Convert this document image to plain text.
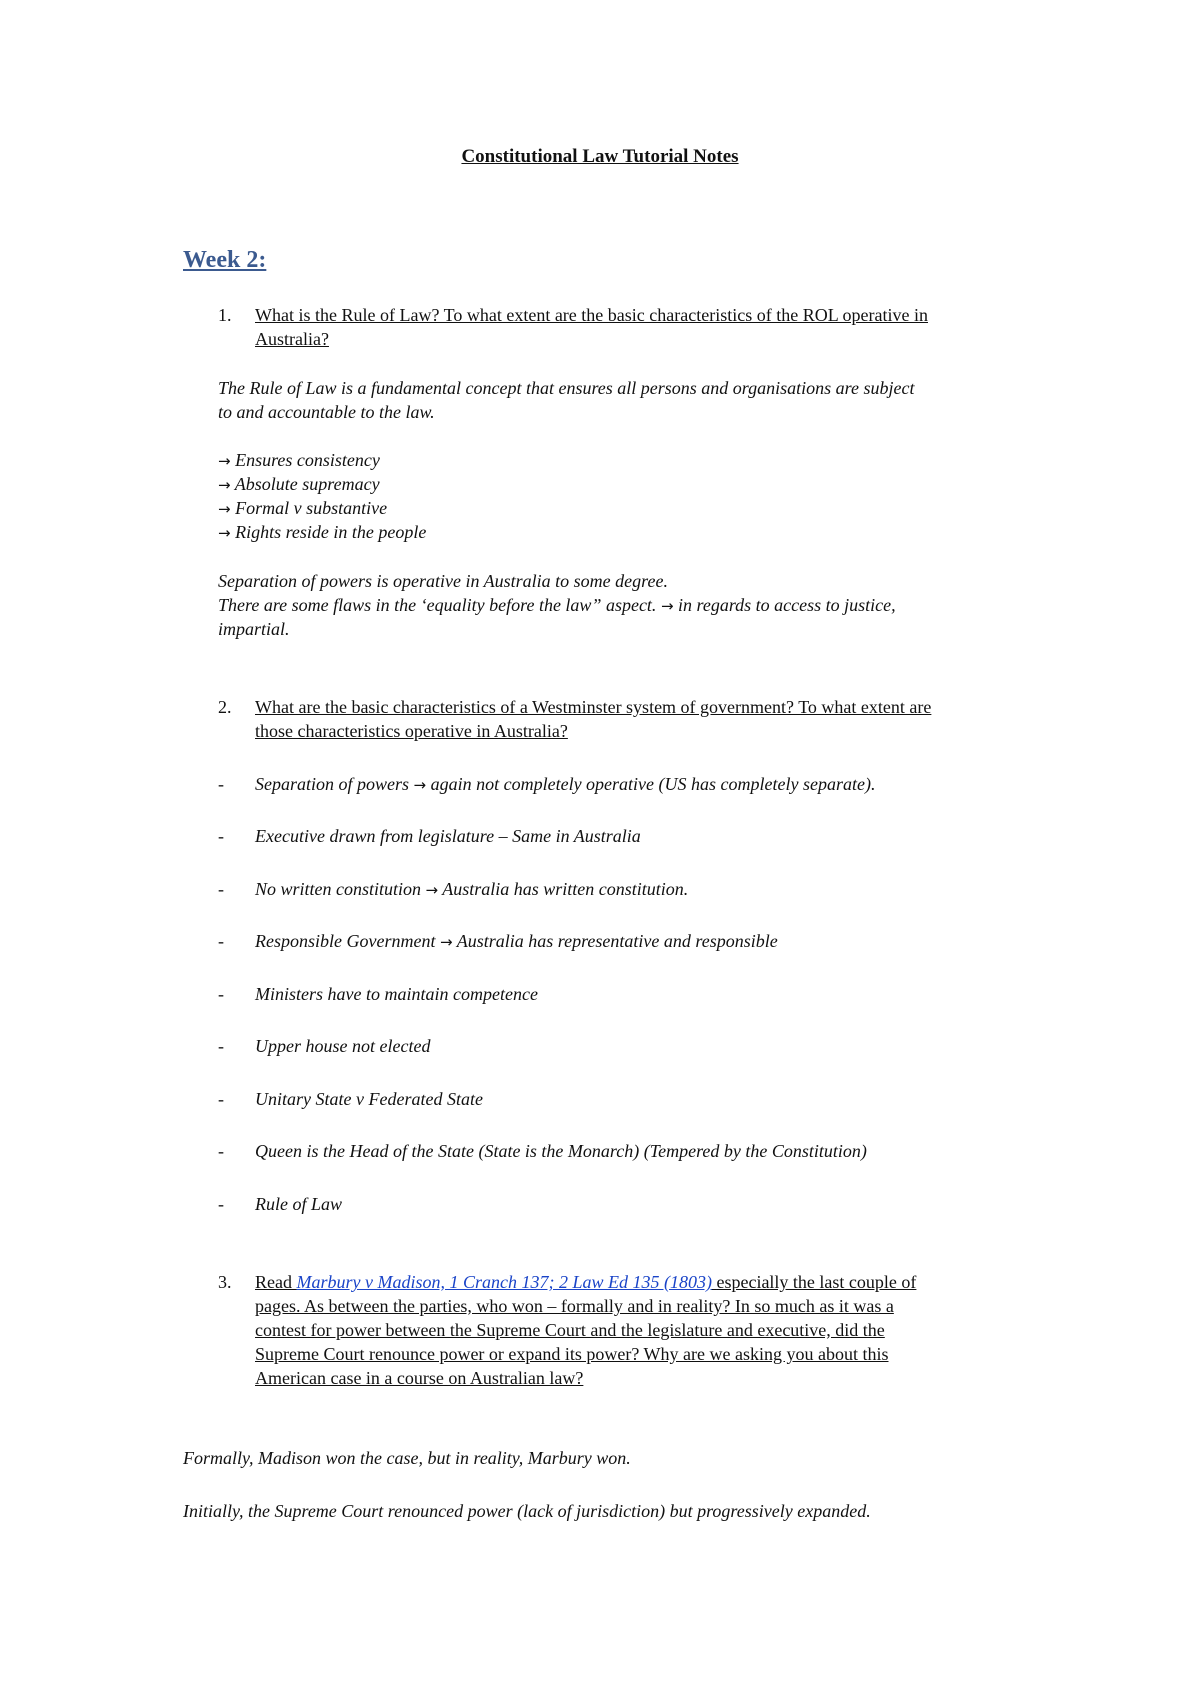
Constitutional Law Tutorial Notes
Week 2:
1. What is the Rule of Law? To what extent are the basic characteristics of the ROL operative in
Australia?
The Rule of Law is a fundamental concept that ensures all persons and organisations are subject
to and accountable to the law.
→ Ensures consistency
→ Absolute supremacy
→ Formal v substantive
→ Rights reside in the people
Separation of powers is operative in Australia to some degree.
There are some flaws in the ‘equality before the law” aspect. → in regards to access to justice,
impartial.
2. What are the basic characteristics of a Westminster system of government? To what extent are
those characteristics operative in Australia?
- Separation of powers → again not completely operative (US has completely separate).
- Executive drawn from legislature – Same in Australia
- No written constitution → Australia has written constitution.
- Responsible Government → Australia has representative and responsible
- Ministers have to maintain competence
- Upper house not elected
- Unitary State v Federated State
- Queen is the Head of the State (State is the Monarch) (Tempered by the Constitution)
- Rule of Law
3. Read Marbury v Madison, 1 Cranch 137; 2 Law Ed 135 (1803) especially the last couple of
pages. As between the parties, who won – formally and in reality? In so much as it was a
contest for power between the Supreme Court and the legislature and executive, did the
Supreme Court renounce power or expand its power? Why are we asking you about this
American case in a course on Australian law?
Formally, Madison won the case, but in reality, Marbury won.
Initially, the Supreme Court renounced power (lack of jurisdiction) but progressively expanded.
